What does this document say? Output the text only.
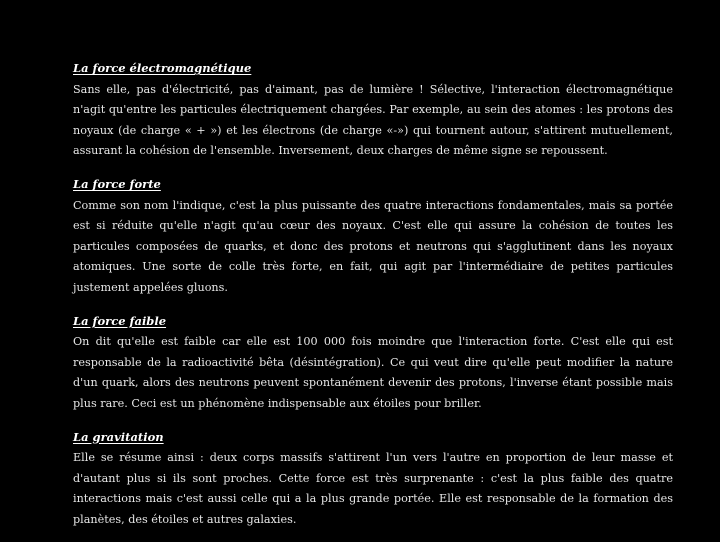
La force électromagnétique

Sans elle, pas d'électricité, pas d'aimant, pas de lumière ! Sélective, l'interaction électromagnétique n'agit qu'entre les particules électriquement chargées. Par exemple, au sein des atomes : les protons des noyaux (de charge « + ») et les électrons (de charge «-») qui tournent autour, s'attirent mutuellement, assurant la cohésion de l'ensemble. Inversement, deux charges de même signe se repoussent.

La force forte

Comme son nom l'indique, c'est la plus puissante des quatre interactions fondamentales, mais sa portée est si réduite qu'elle n'agit qu'au cœur des noyaux. C'est elle qui assure la cohésion de toutes les particules composées de quarks, et donc des protons et neutrons qui s'agglutinent dans les noyaux atomiques. Une sorte de colle très forte, en fait, qui agit par l'intermédiaire de petites particules justement appelées gluons.

La force faible

On dit qu'elle est faible car elle est 100 000 fois moindre que l'interaction forte. C'est elle qui est responsable de la radioactivité bêta (désintégration). Ce qui veut dire qu'elle peut modifier la nature d'un quark, alors des neutrons peuvent spontanément devenir des protons, l'inverse étant possible mais plus rare. Ceci est un phénomène indispensable aux étoiles pour briller.

La gravitation

Elle se résume ainsi : deux corps massifs s'attirent l'un vers l'autre en proportion de leur masse et d'autant plus si ils sont proches. Cette force est très surprenante : c'est la plus faible des quatre interactions mais c'est aussi celle qui a la plus grande portée. Elle est responsable de la formation des planètes, des étoiles et autres galaxies.
